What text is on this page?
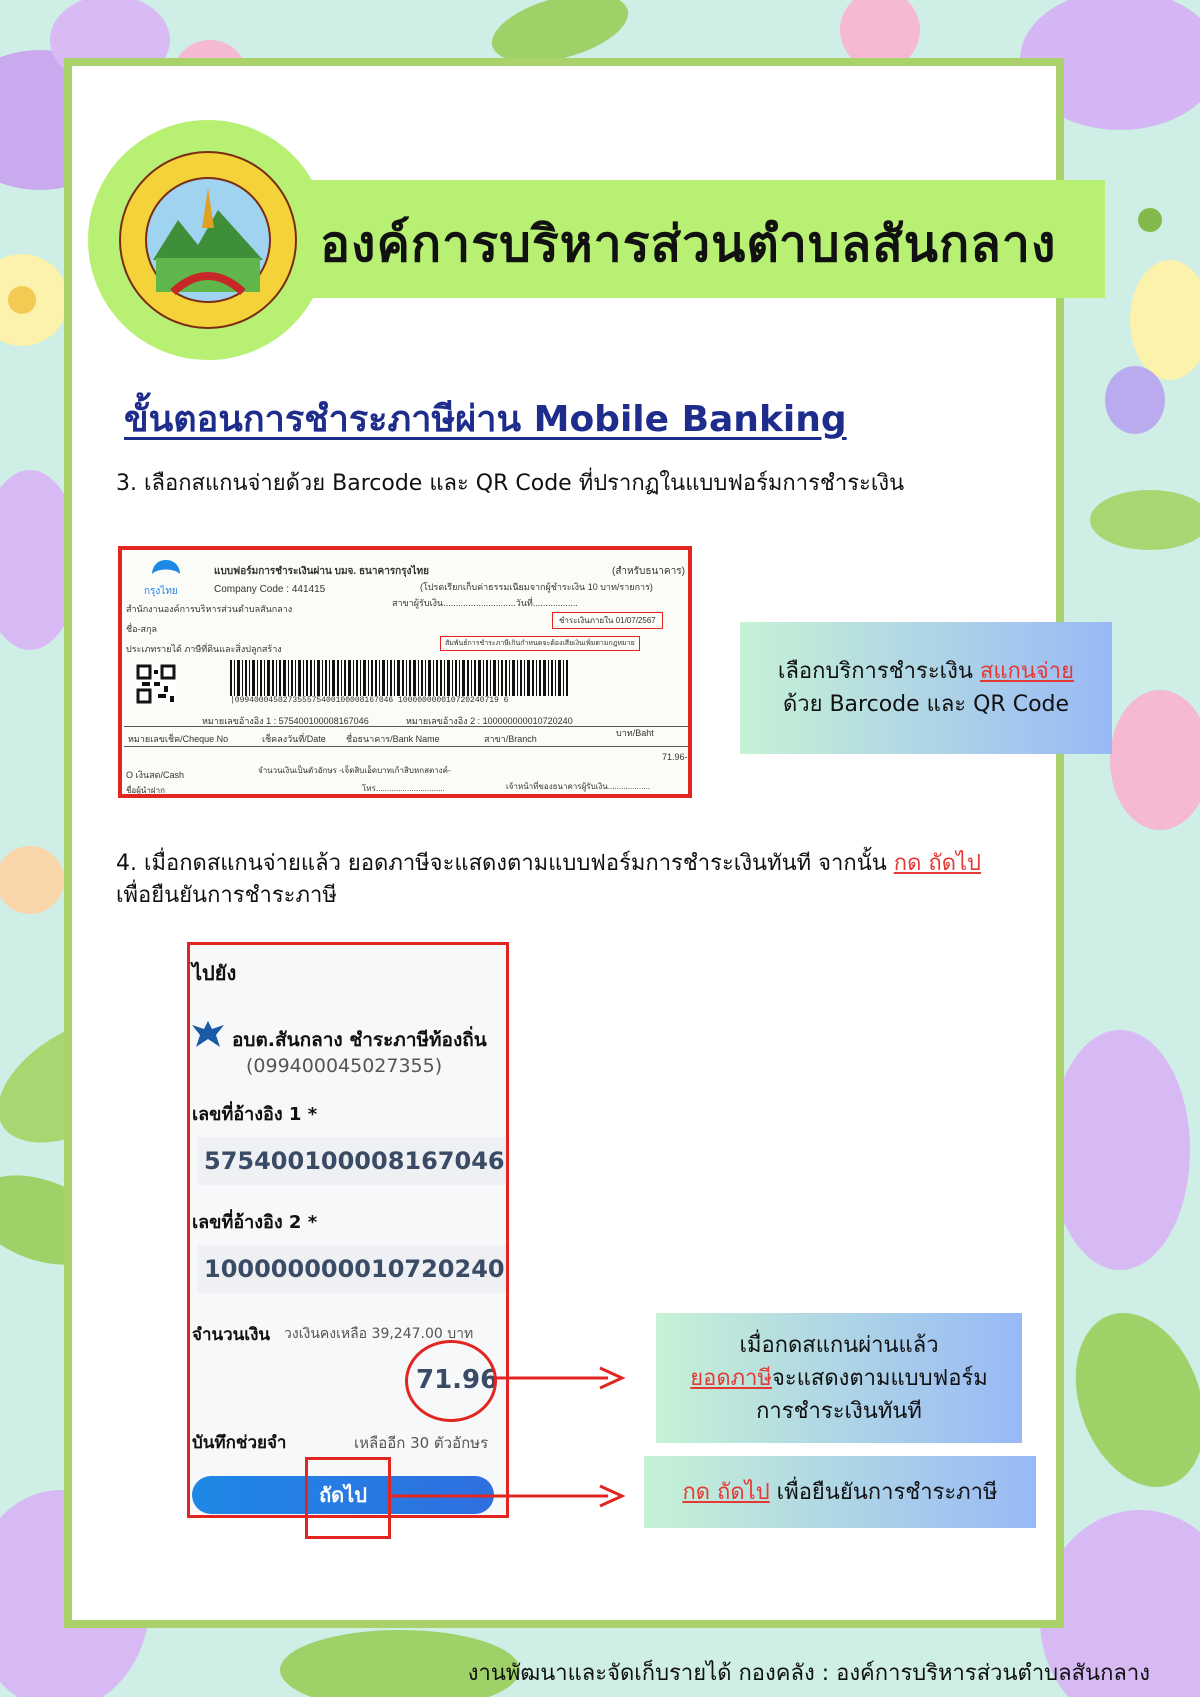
องค์การบริหารส่วนตำบลสันกลาง
ขั้นตอนการชำระภาษีผ่าน Mobile Banking
3. เลือกสแกนจ่ายด้วย Barcode และ QR Code ที่ปรากฏในแบบฟอร์มการชำระเงิน
กรุงไทย
แบบฟอร์มการชำระเงินผ่าน บมจ. ธนาคารกรุงไทย
Company Code : 441415
(สำหรับธนาคาร)
(โปรดเรียกเก็บค่าธรรมเนียมจากผู้ชำระเงิน 10 บาท/รายการ)
สาขาผู้รับเงิน.............................วันที่..................
สำนักงานองค์การบริหารส่วนตำบลสันกลาง
ชื่อ-สกุล
ชำระเงินภายใน 01/07/2567
ประเภทรายได้ ภาษีที่ดินและสิ่งปลูกสร้าง
สัมพันธ์การชำระภาษีเกินกำหนดจะต้องเสียเงินเพิ่มตามกฎหมาย
|099400045027355575400100008167046 100000000010720240719 6
หมายเลขอ้างอิง 1 : 575400100008167046	หมายเลขอ้างอิง 2 : 100000000010720240
หมายเลขเช็ค/Cheque No	เช็คลงวันที่/Date ชื่อธนาคาร/Bank Name	สาขา/Branch
บาท/Baht
71.96-
O เงินสด/Cash	จำนวนเงินเป็นตัวอักษร -เจ็ดสิบเอ็ดบาทเก้าสิบหกสตางค์-
ชื่อผู้นำฝาก	โทร...............................	เจ้าหน้าที่ของธนาคารผู้รับเงิน...................
เลือกบริการชำระเงิน สแกนจ่าย
ด้วย Barcode และ QR Code
4. เมื่อกดสแกนจ่ายแล้ว ยอดภาษีจะแสดงตามแบบฟอร์มการชำระเงินทันที จากนั้น กด ถัดไป
เพื่อยืนยันการชำระภาษี
ไปยัง
อบต.สันกลาง ชำระภาษีท้องถิ่น
(099400045027355)
เลขที่อ้างอิง 1 *
575400100008167046
เลขที่อ้างอิง 2 *
100000000010720240
จำนวนเงิน วงเงินคงเหลือ 39,247.00 บาท
71.96
บันทึกช่วยจำ	เหลืออีก 30 ตัวอักษร
ถัดไป
เมื่อกดสแกนผ่านแล้ว
ยอดภาษีจะแสดงตามแบบฟอร์ม
การชำระเงินทันที
กด ถัดไป เพื่อยืนยันการชำระภาษี
งานพัฒนาและจัดเก็บรายได้ กองคลัง : องค์การบริหารส่วนตำบลสันกลาง
